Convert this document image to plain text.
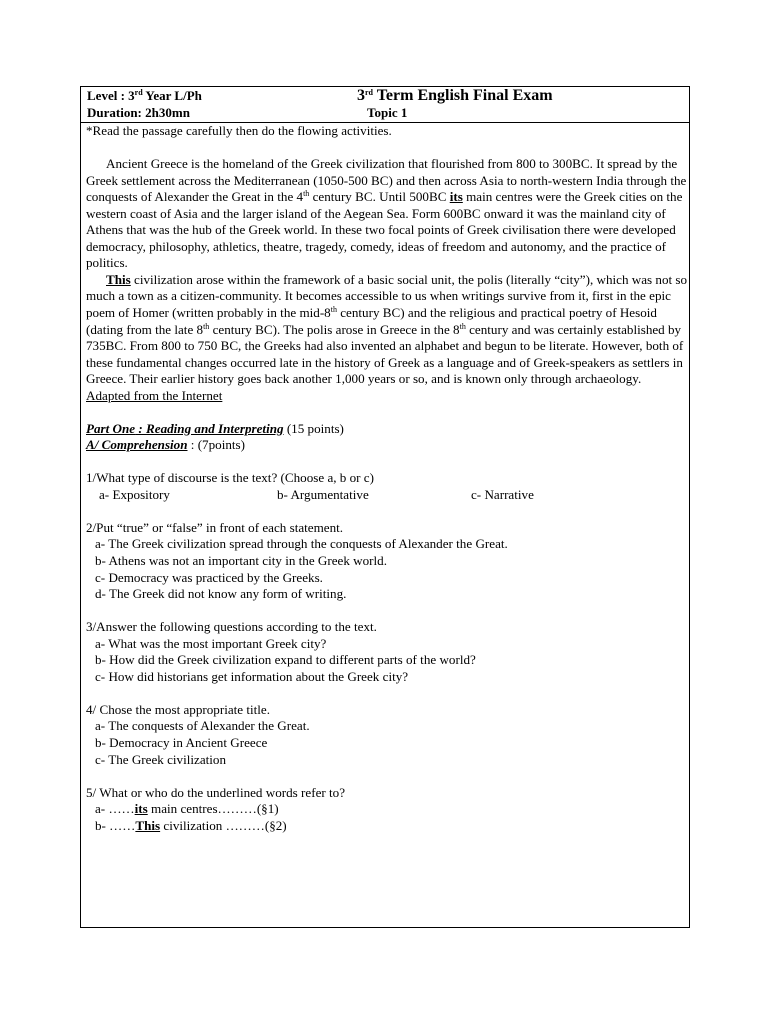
Level : 3rd Year L/Ph
Duration: 2h30mn
3rd Term English Final Exam
Topic 1

*Read the passage carefully then do the flowing activities.

Ancient Greece is the homeland of the Greek civilization that flourished from 800 to 300BC. It spread by the Greek settlement across the Mediterranean (1050-500 BC) and then across Asia to north-western India through the conquests of Alexander the Great in the 4th century BC. Until 500BC its main centres were the Greek cities on the western coast of Asia and the larger island of the Aegean Sea. Form 600BC onward it was the mainland city of Athens that was the hub of the Greek world. In these two focal points of Greek civilisation there were developed democracy, philosophy, athletics, theatre, tragedy, comedy, ideas of freedom and autonomy, and the practice of politics.

This civilization arose within the framework of a basic social unit, the polis (literally “city”), which was not so much a town as a citizen-community. It becomes accessible to us when writings survive from it, first in the epic poem of Homer (written probably in the mid-8th century BC) and the religious and practical poetry of Hesoid (dating from the late 8th century BC). The polis arose in Greece in the 8th century and was certainly established by 735BC. From 800 to 750 BC, the Greeks had also invented an alphabet and begun to be literate. However, both of these fundamental changes occurred late in the history of Greek as a language and of Greek-speakers as settlers in Greece. Their earlier history goes back another 1,000 years or so, and is known only through archaeology.

Adapted from the Internet

Part One : Reading and Interpreting (15 points)

A/ Comprehension : (7points)

1/What type of discourse is the text? (Choose a, b or c)

a- Expository	b- Argumentative	c- Narrative

2/Put “true” or “false” in front of each statement.

a- The Greek civilization spread through the conquests of Alexander the Great.

b- Athens was not an important city in the Greek world.

c- Democracy was practiced by the Greeks.

d- The Greek did not know any form of writing.

3/Answer the following questions according to the text.

a- What was the most important Greek city?

b- How did the Greek civilization expand to different parts of the world?

c- How did historians get information about the Greek city?

4/ Chose the most appropriate title.

a- The conquests of Alexander the Great.

b- Democracy in Ancient Greece

c- The Greek civilization

5/ What or who do the underlined words refer to?

a- ……its main centres………(§1)

b- ……This civilization ………(§2)
